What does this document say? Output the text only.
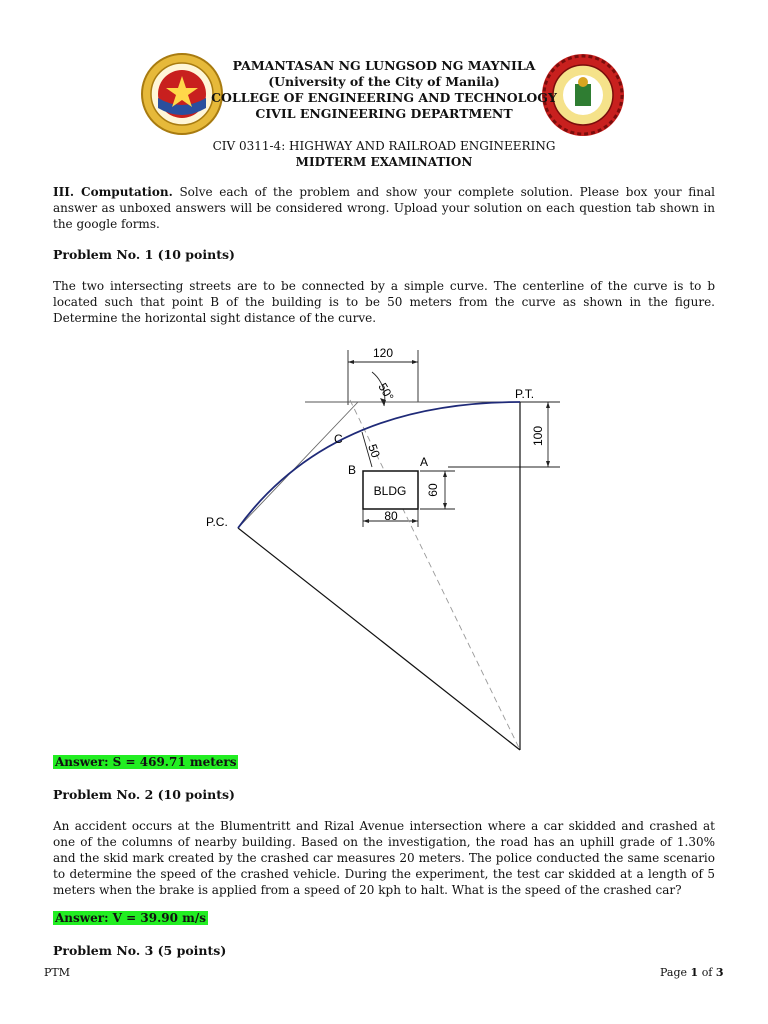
PAMANTASAN NG LUNGSOD NG MAYNILA
(University of the City of Manila)
COLLEGE OF ENGINEERING AND TECHNOLOGY
CIVIL ENGINEERING DEPARTMENT
CIV 0311-4: HIGHWAY AND RAILROAD ENGINEERING
MIDTERM EXAMINATION
III. Computation. Solve each of the problem and show your complete solution. Please box your final answer as unboxed answers will be considered wrong. Upload your solution on each question tab shown in the google forms.
Problem No. 1 (10 points)
The two intersecting streets are to be connected by a simple curve. The centerline of the curve is to b located such that point B of the building is to be 50 meters from the curve as shown in the figure. Determine the horizontal sight distance of the curve.
120
50°	P.T.
100
C
50
B
A
BLDG 60
80
P.C.
Answer: S = 469.71 meters
Problem No. 2 (10 points)
An accident occurs at the Blumentritt and Rizal Avenue intersection where a car skidded and crashed at one of the columns of nearby building. Based on the investigation, the road has an uphill grade of 1.30% and the skid mark created by the crashed car measures 20 meters. The police conducted the same scenario to determine the speed of the crashed vehicle. During the experiment, the test car skidded at a length of 5 meters when the brake is applied from a speed of 20 kph to halt. What is the speed of the crashed car?
Answer: V = 39.90 m/s
Problem No. 3 (5 points)
PTM	Page 1 of 3
